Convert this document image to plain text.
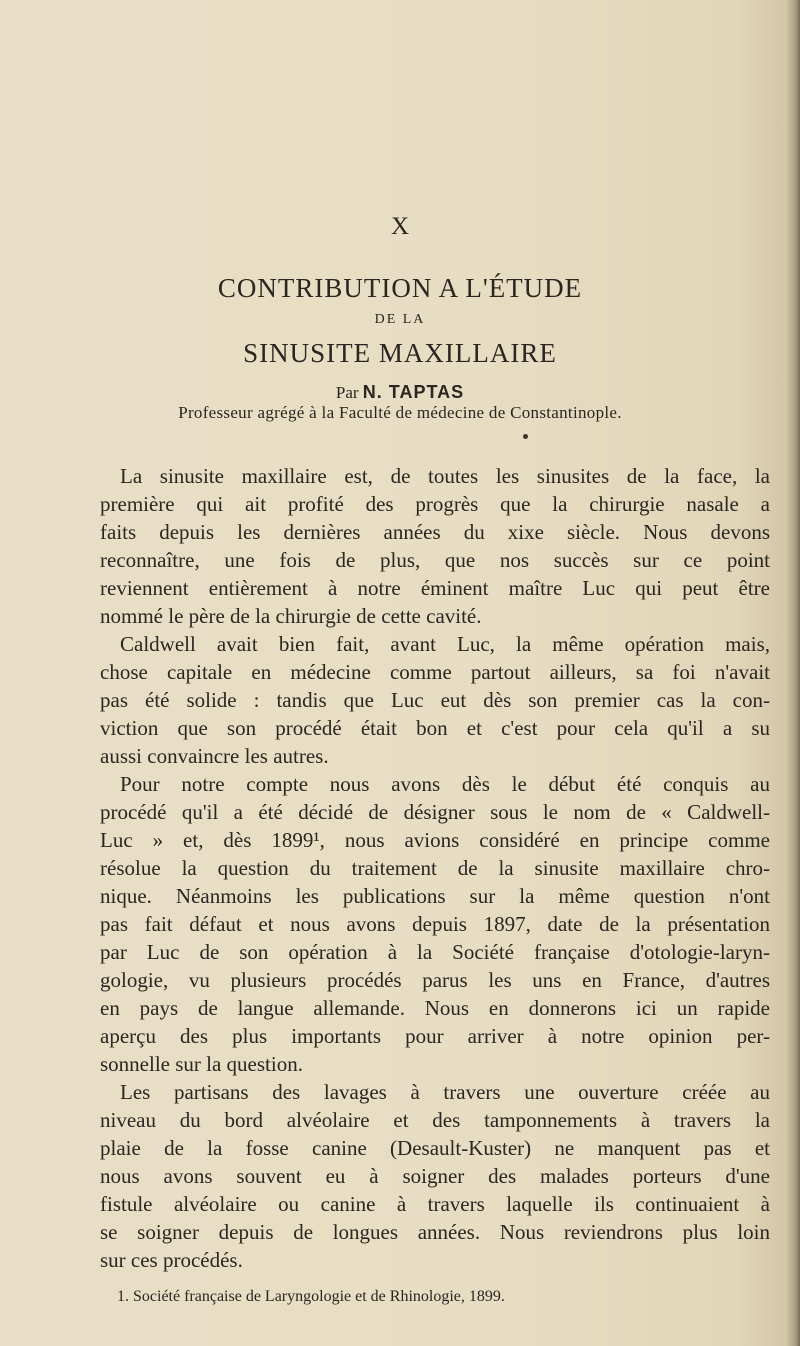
X
CONTRIBUTION A L'ÉTUDE
DE LA
SINUSITE MAXILLAIRE
Par N. TAPTAS
Professeur agrégé à la Faculté de médecine de Constantinople.
La sinusite maxillaire est, de toutes les sinusites de la face, la
première qui ait profité des progrès que la chirurgie nasale a
faits depuis les dernières années du xixe siècle. Nous devons
reconnaître, une fois de plus, que nos succès sur ce point
reviennent entièrement à notre éminent maître Luc qui peut être
nommé le père de la chirurgie de cette cavité.
Caldwell avait bien fait, avant Luc, la même opération mais,
chose capitale en médecine comme partout ailleurs, sa foi n'avait
pas été solide : tandis que Luc eut dès son premier cas la con-
viction que son procédé était bon et c'est pour cela qu'il a su
aussi convaincre les autres.
Pour notre compte nous avons dès le début été conquis au
procédé qu'il a été décidé de désigner sous le nom de « Caldwell-
Luc » et, dès 1899¹, nous avions considéré en principe comme
résolue la question du traitement de la sinusite maxillaire chro-
nique. Néanmoins les publications sur la même question n'ont
pas fait défaut et nous avons depuis 1897, date de la présentation
par Luc de son opération à la Société française d'otologie-laryn-
gologie, vu plusieurs procédés parus les uns en France, d'autres
en pays de langue allemande. Nous en donnerons ici un rapide
aperçu des plus importants pour arriver à notre opinion per-
sonnelle sur la question.
Les partisans des lavages à travers une ouverture créée au
niveau du bord alvéolaire et des tamponnements à travers la
plaie de la fosse canine (Desault-Kuster) ne manquent pas et
nous avons souvent eu à soigner des malades porteurs d'une
fistule alvéolaire ou canine à travers laquelle ils continuaient à
se soigner depuis de longues années. Nous reviendrons plus loin
sur ces procédés.
1. Société française de Laryngologie et de Rhinologie, 1899.
